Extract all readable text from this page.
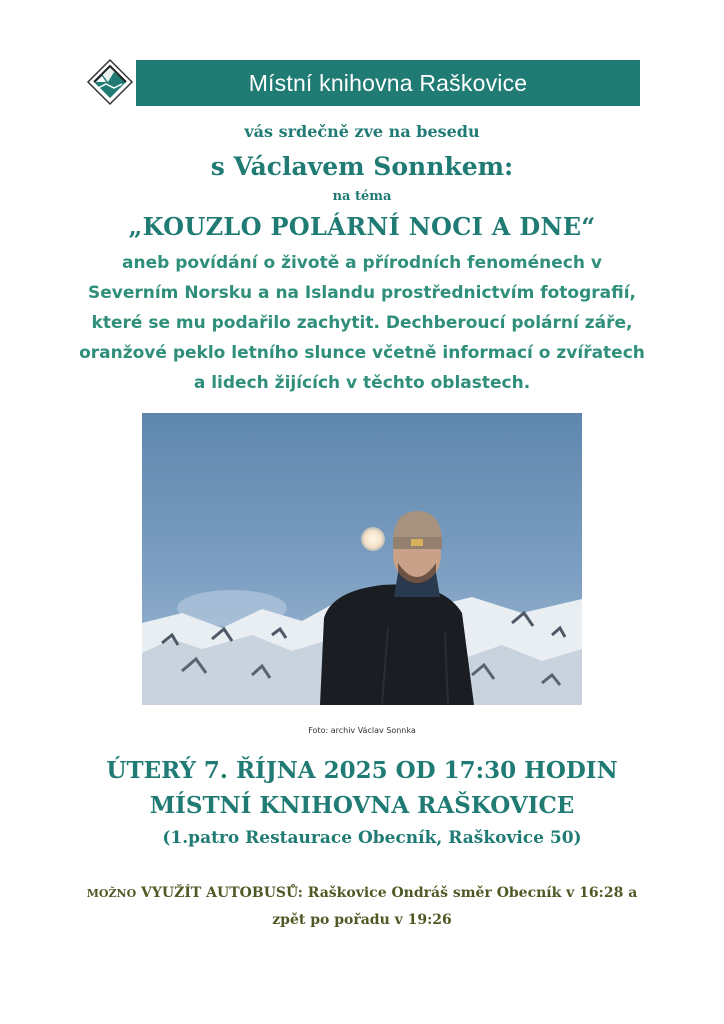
Místní knihovna Raškovice
vás srdečně zve na besedu
s Václavem Sonnkem:
na téma
„KOUZLO POLÁRNÍ NOCI A DNE“
aneb povídání o životě a přírodních fenoménech v Severním Norsku a na Islandu prostřednictvím fotografií, které se mu podařilo zachytit. Dechberoucí polární záře, oranžové peklo letního slunce včetně informací o zvířatech a lidech žijících v těchto oblastech.
Foto: archiv Václav Sonnka
ÚTERÝ 7. ŘÍJNA 2025 OD 17:30 HODIN
MÍSTNÍ KNIHOVNA RAŠKOVICE
(1.patro Restaurace Obecník, Raškovice 50)
MOŽNO VYUŽÍT AUTOBUSŮ: Raškovice Ondráš směr Obecník v 16:28 a zpět po pořadu v 19:26
